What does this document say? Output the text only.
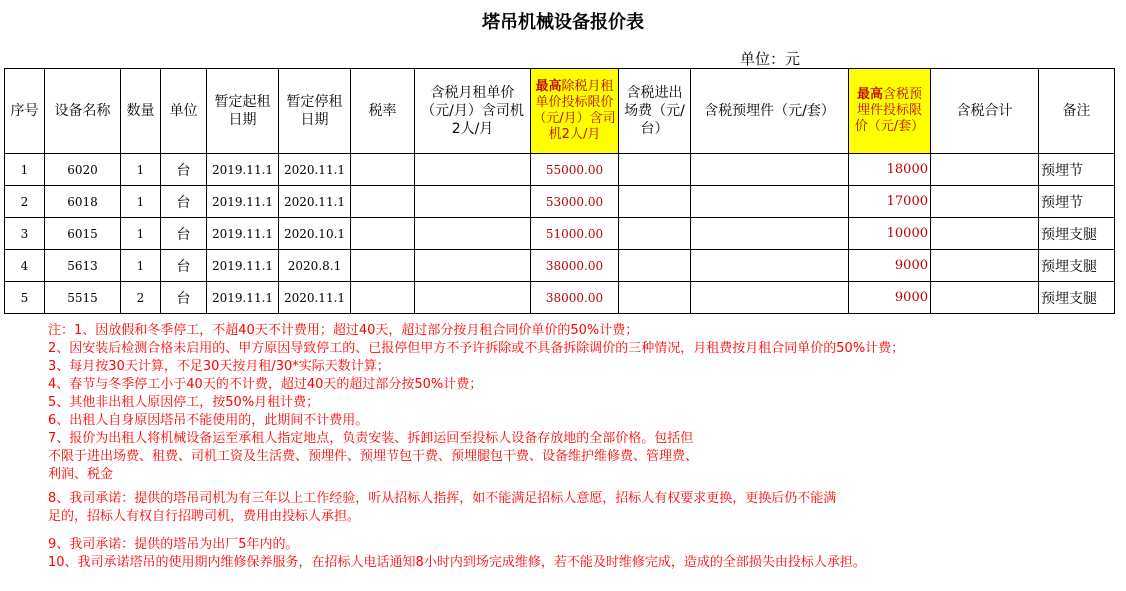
塔吊机械设备报价表
单位：元
序号	设备名称	数量	单位	暂定起租日期	暂定停租日期	税率	含税月租单价（元/月）含司机2人/月	最高除税月租单价投标限价（元/月）含司机2人/月	含税进出场费（元/台）	含税预埋件（元/套）	最高含税预埋件投标限价（元/套）	含税合计	备注
1	6020	1	台	2019.11.1	2020.11.1			55000.00			18000		预埋节
2	6018	1	台	2019.11.1	2020.11.1			53000.00			17000		预埋节
3	6015	1	台	2019.11.1	2020.10.1			51000.00			10000		预埋支腿
4	5613	1	台	2019.11.1	2020.8.1			38000.00			9000		预埋支腿
5	5515	2	台	2019.11.1	2020.11.1			38000.00			9000		预埋支腿
注：1、因放假和冬季停工，不超40天不计费用；超过40天，超过部分按月租合同价单价的50%计费；
2、因安装后检测合格未启用的、甲方原因导致停工的、已报停但甲方不予许拆除或不具备拆除调价的三种情况，月租费按月租合同单价的50%计费；
3、每月按30天计算，不足30天按月租/30*实际天数计算；
4、春节与冬季停工小于40天的不计费，超过40天的超过部分按50%计费；
5、其他非出租人原因停工，按50%月租计费；
6、出租人自身原因塔吊不能使用的，此期间不计费用。
7、报价为出租人将机械设备运至承租人指定地点，负责安装、拆卸运回至投标人设备存放地的全部价格。包括但
不限于进出场费、租费、司机工资及生活费、预埋件、预埋节包干费、预埋腿包干费、设备维护维修费、管理费、
利润、税金
8、我司承诺：提供的塔吊司机为有三年以上工作经验，听从招标人指挥，如不能满足招标人意愿，招标人有权要求更换，更换后仍不能满足的，招标人有权自行招聘司机，费用由投标人承担。
9、我司承诺：提供的塔吊为出厂5年内的。
10、我司承诺塔吊的使用期内维修保养服务，在招标人电话通知8小时内到场完成维修，若不能及时维修完成，造成的全部损失由投标人承担。
